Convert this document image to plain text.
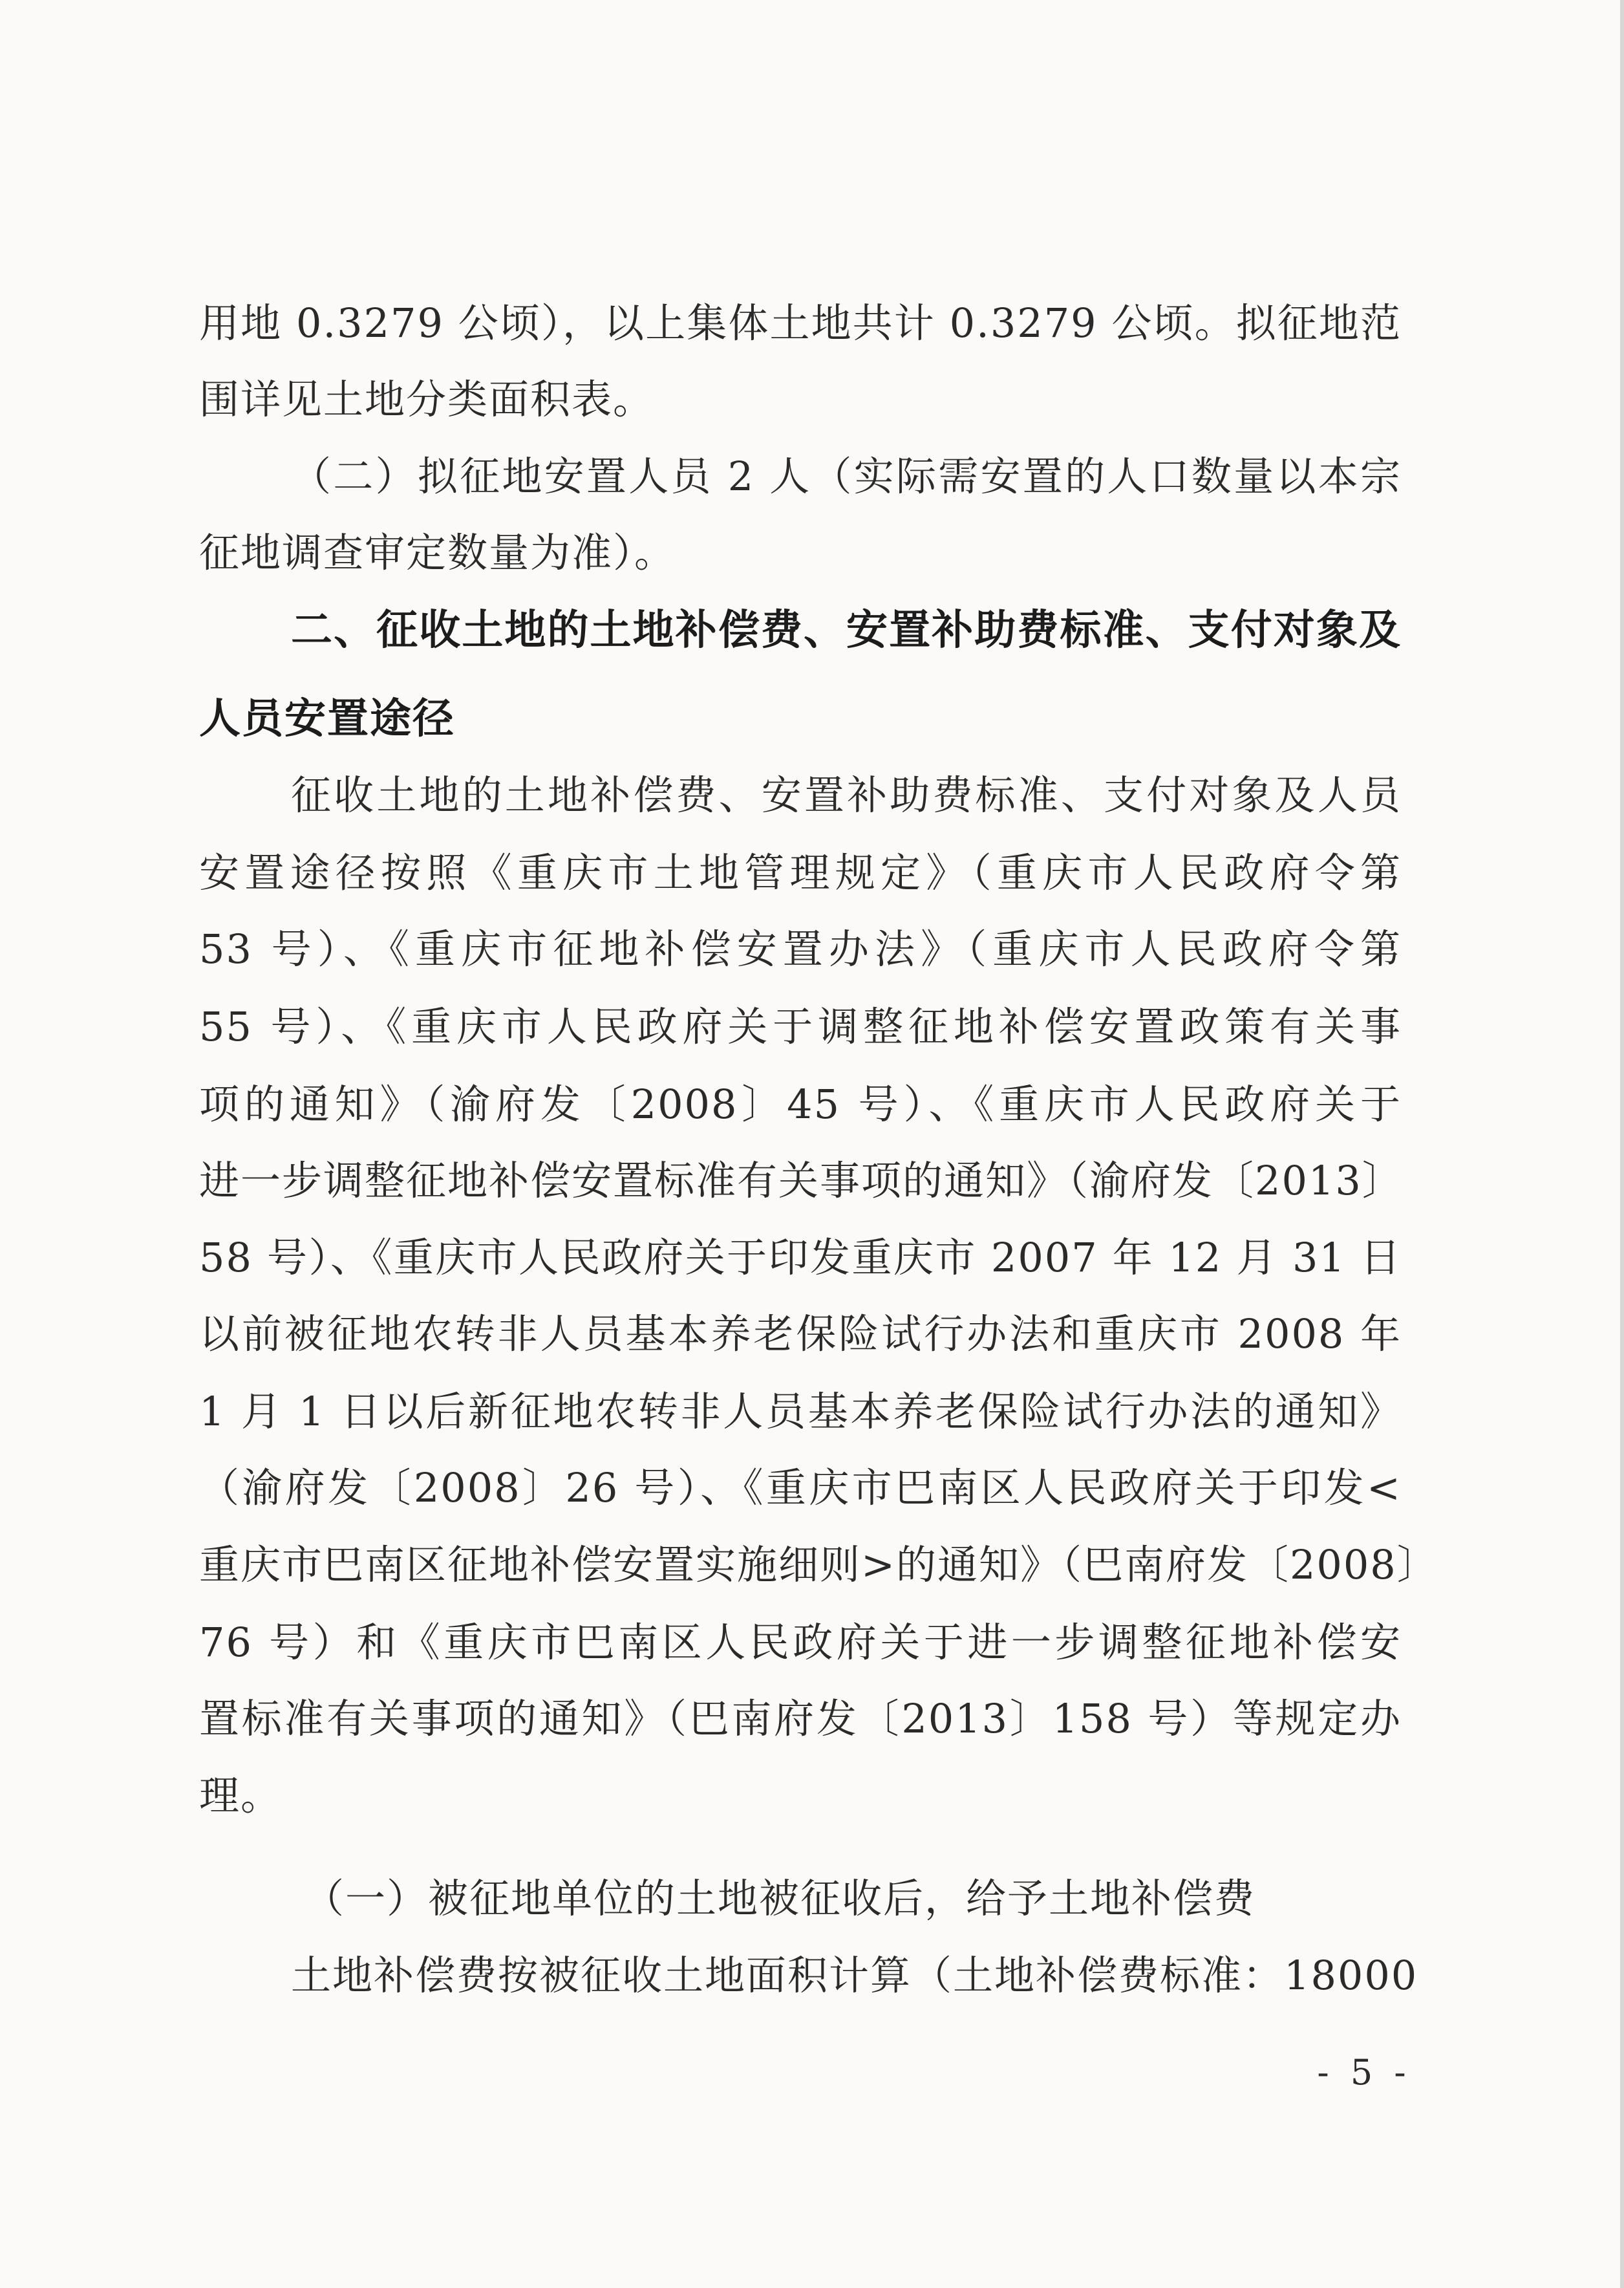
用地 0.3279 公顷），以上集体土地共计 0.3279 公顷。拟征地范
围详见土地分类面积表。
（二）拟征地安置人员 2 人（实际需安置的人口数量以本宗
征地调查审定数量为准）。
二、征收土地的土地补偿费、安置补助费标准、支付对象及
人员安置途径
征收土地的土地补偿费、安置补助费标准、支付对象及人员
安置途径按照《重庆市土地管理规定》（重庆市人民政府令第
53 号）、《重庆市征地补偿安置办法》（重庆市人民政府令第
55 号）、《重庆市人民政府关于调整征地补偿安置政策有关事
项的通知》（渝府发〔2008〕45 号）、《重庆市人民政府关于
进一步调整征地补偿安置标准有关事项的通知》（渝府发〔2013〕
58 号）、《重庆市人民政府关于印发重庆市 2007 年 12 月 31 日
以前被征地农转非人员基本养老保险试行办法和重庆市 2008 年
1 月 1 日以后新征地农转非人员基本养老保险试行办法的通知》
（渝府发〔2008〕26 号）、《重庆市巴南区人民政府关于印发<
重庆市巴南区征地补偿安置实施细则>的通知》（巴南府发〔2008〕
76 号）和《重庆市巴南区人民政府关于进一步调整征地补偿安
置标准有关事项的通知》（巴南府发〔2013〕158 号）等规定办
理。
（一）被征地单位的土地被征收后，给予土地补偿费
土地补偿费按被征收土地面积计算（土地补偿费标准：18000
- 5 -
